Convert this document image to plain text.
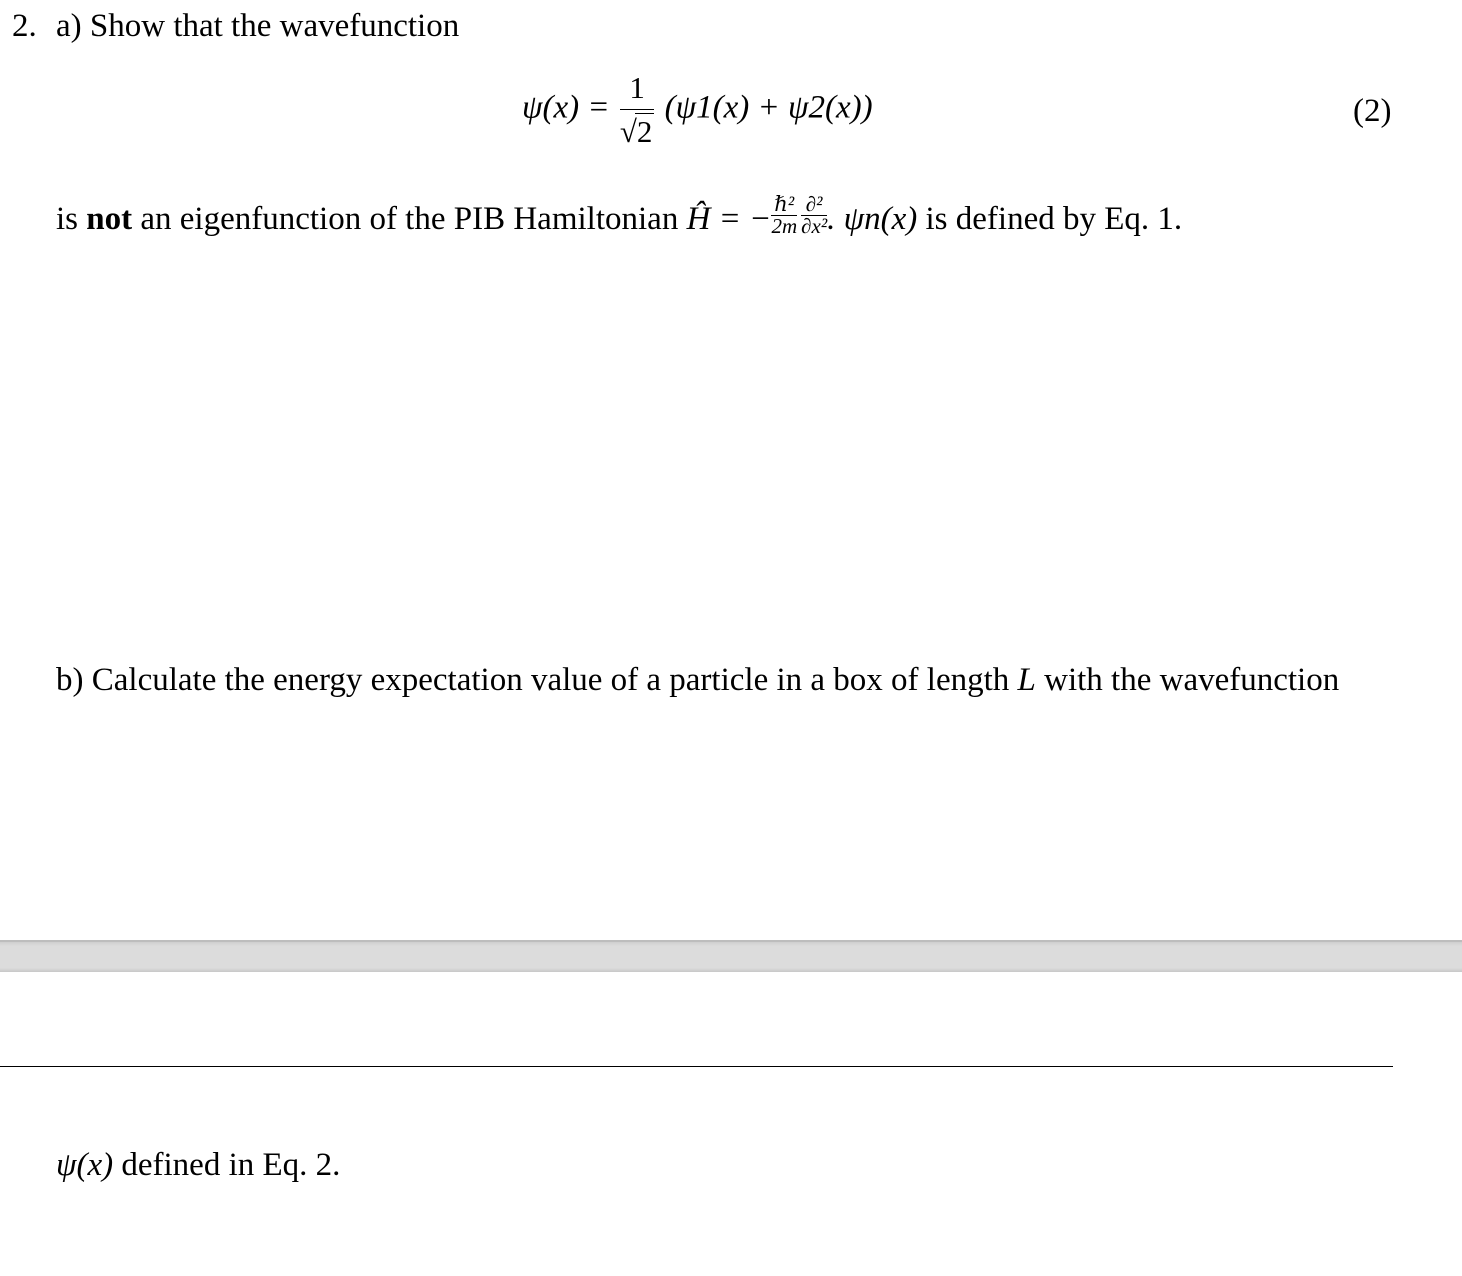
2. a) Show that the wavefunction
$\psi(x) = \frac{1}{√2} (\psi 1(x) + \psi 2(x))$	(2)
is not an eigenfunction of the PIB Hamiltonian Ĥ = − $\frac{\text{ℏ²}}{2m} \frac{\text{∂²}}{\text{∂x²}}$ . ψn(x) is defined by Eq. 1.
b) Calculate the energy expectation value of a particle in a box of length L with the wavefunction
ψ(x) defined in Eq. 2.
